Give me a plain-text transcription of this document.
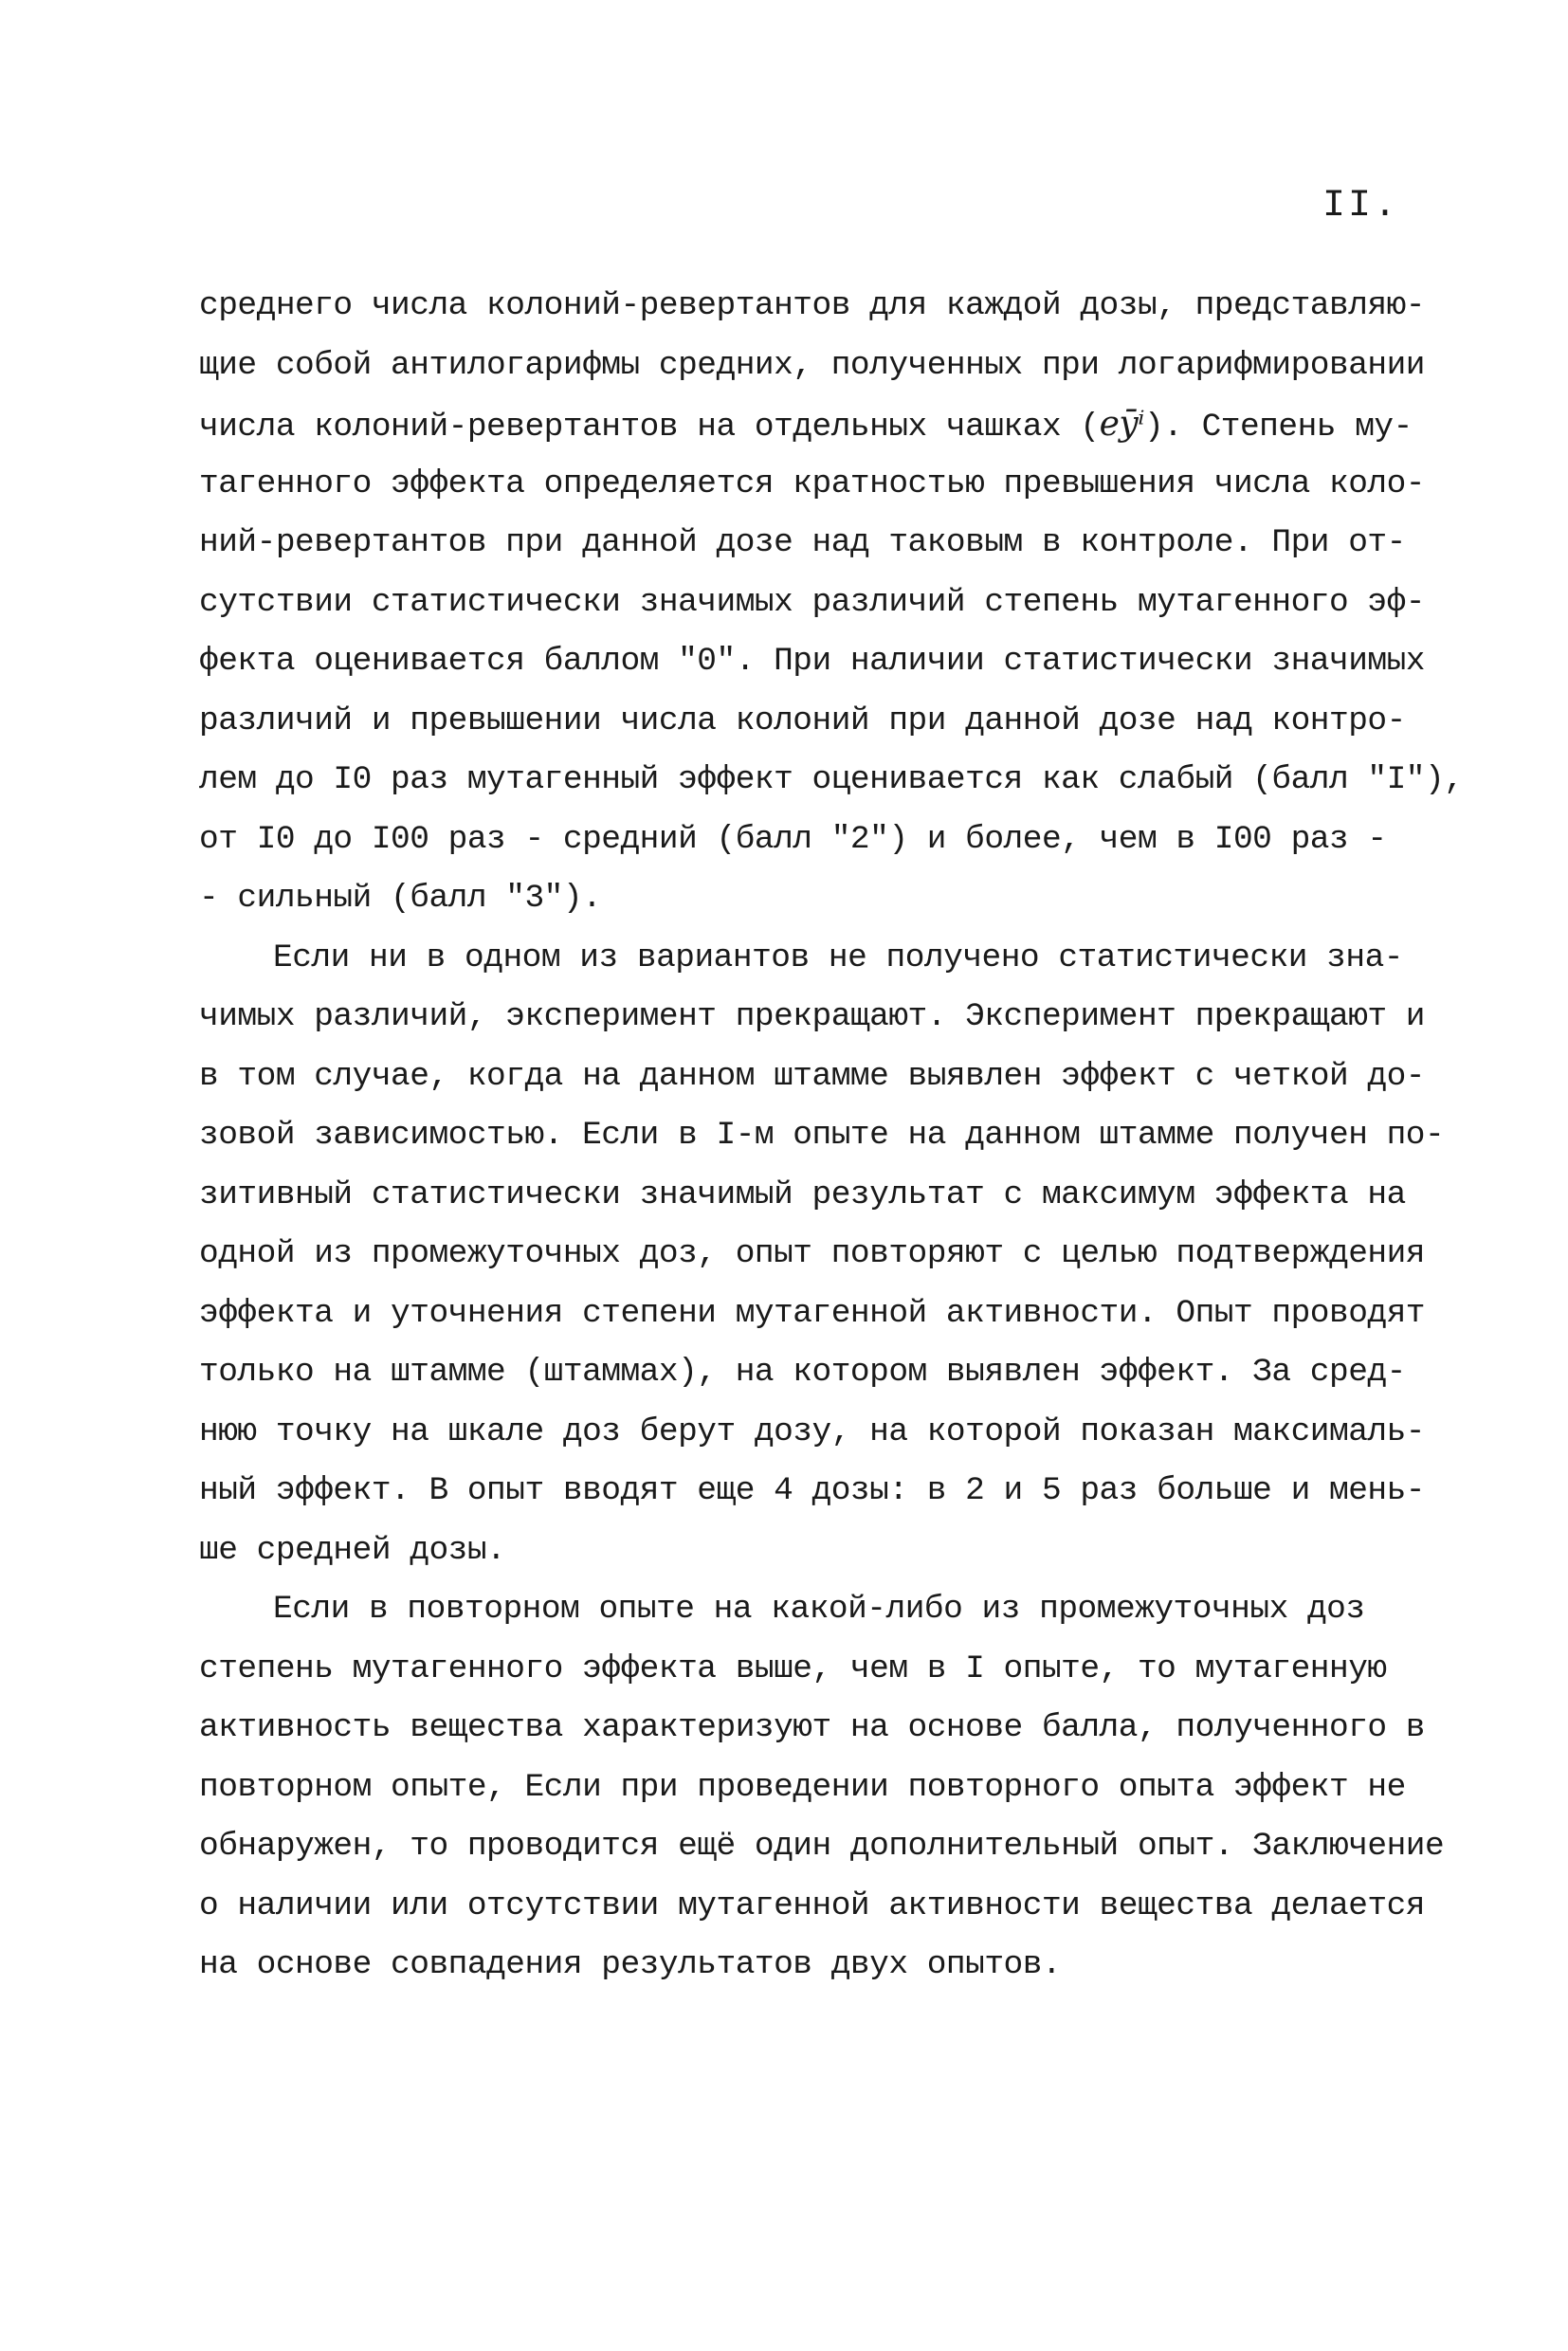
II.
среднего числа колоний-ревертантов для каждой дозы, представляю-
щие собой антилогарифмы средних, полученных при логарифмировании
числа колоний-ревертантов на отдельных чашках (eȳⁱ). Степень му-
тагенного эффекта определяется кратностью превышения числа коло-
ний-ревертантов при данной дозе над таковым в контроле. При от-
сутствии статистически значимых различий степень мутагенного эф-
фекта оценивается баллом "0". При наличии статистически значимых
различий и превышении числа колоний при данной дозе над контро-
лем до I0 раз мутагенный эффект оценивается как слабый (балл "I"),
от I0 до I00 раз - средний (балл "2") и более, чем в I00 раз -
- сильный (балл "3").
Если ни в одном из вариантов не получено статистически зна-
чимых различий, эксперимент прекращают. Эксперимент прекращают и
в том случае, когда на данном штамме выявлен эффект с четкой до-
зовой зависимостью. Если в I-м опыте на данном штамме получен по-
зитивный статистически значимый результат с максимум эффекта на
одной из промежуточных доз, опыт повторяют с целью подтверждения
эффекта и уточнения степени мутагенной активности. Опыт проводят
только на штамме (штаммах), на котором выявлен эффект. За сред-
нюю точку на шкале доз берут дозу, на которой показан максималь-
ный эффект. В опыт вводят еще 4 дозы: в 2 и 5 раз больше и мень-
ше средней дозы.
Если в повторном опыте на какой-либо из промежуточных доз
степень мутагенного эффекта выше, чем в I опыте, то мутагенную
активность вещества характеризуют на основе балла, полученного в
повторном опыте, Если при проведении повторного опыта эффект не
обнаружен, то проводится ещё один дополнительный опыт. Заключение
о наличии или отсутствии мутагенной активности вещества делается
на основе совпадения результатов двух опытов.
